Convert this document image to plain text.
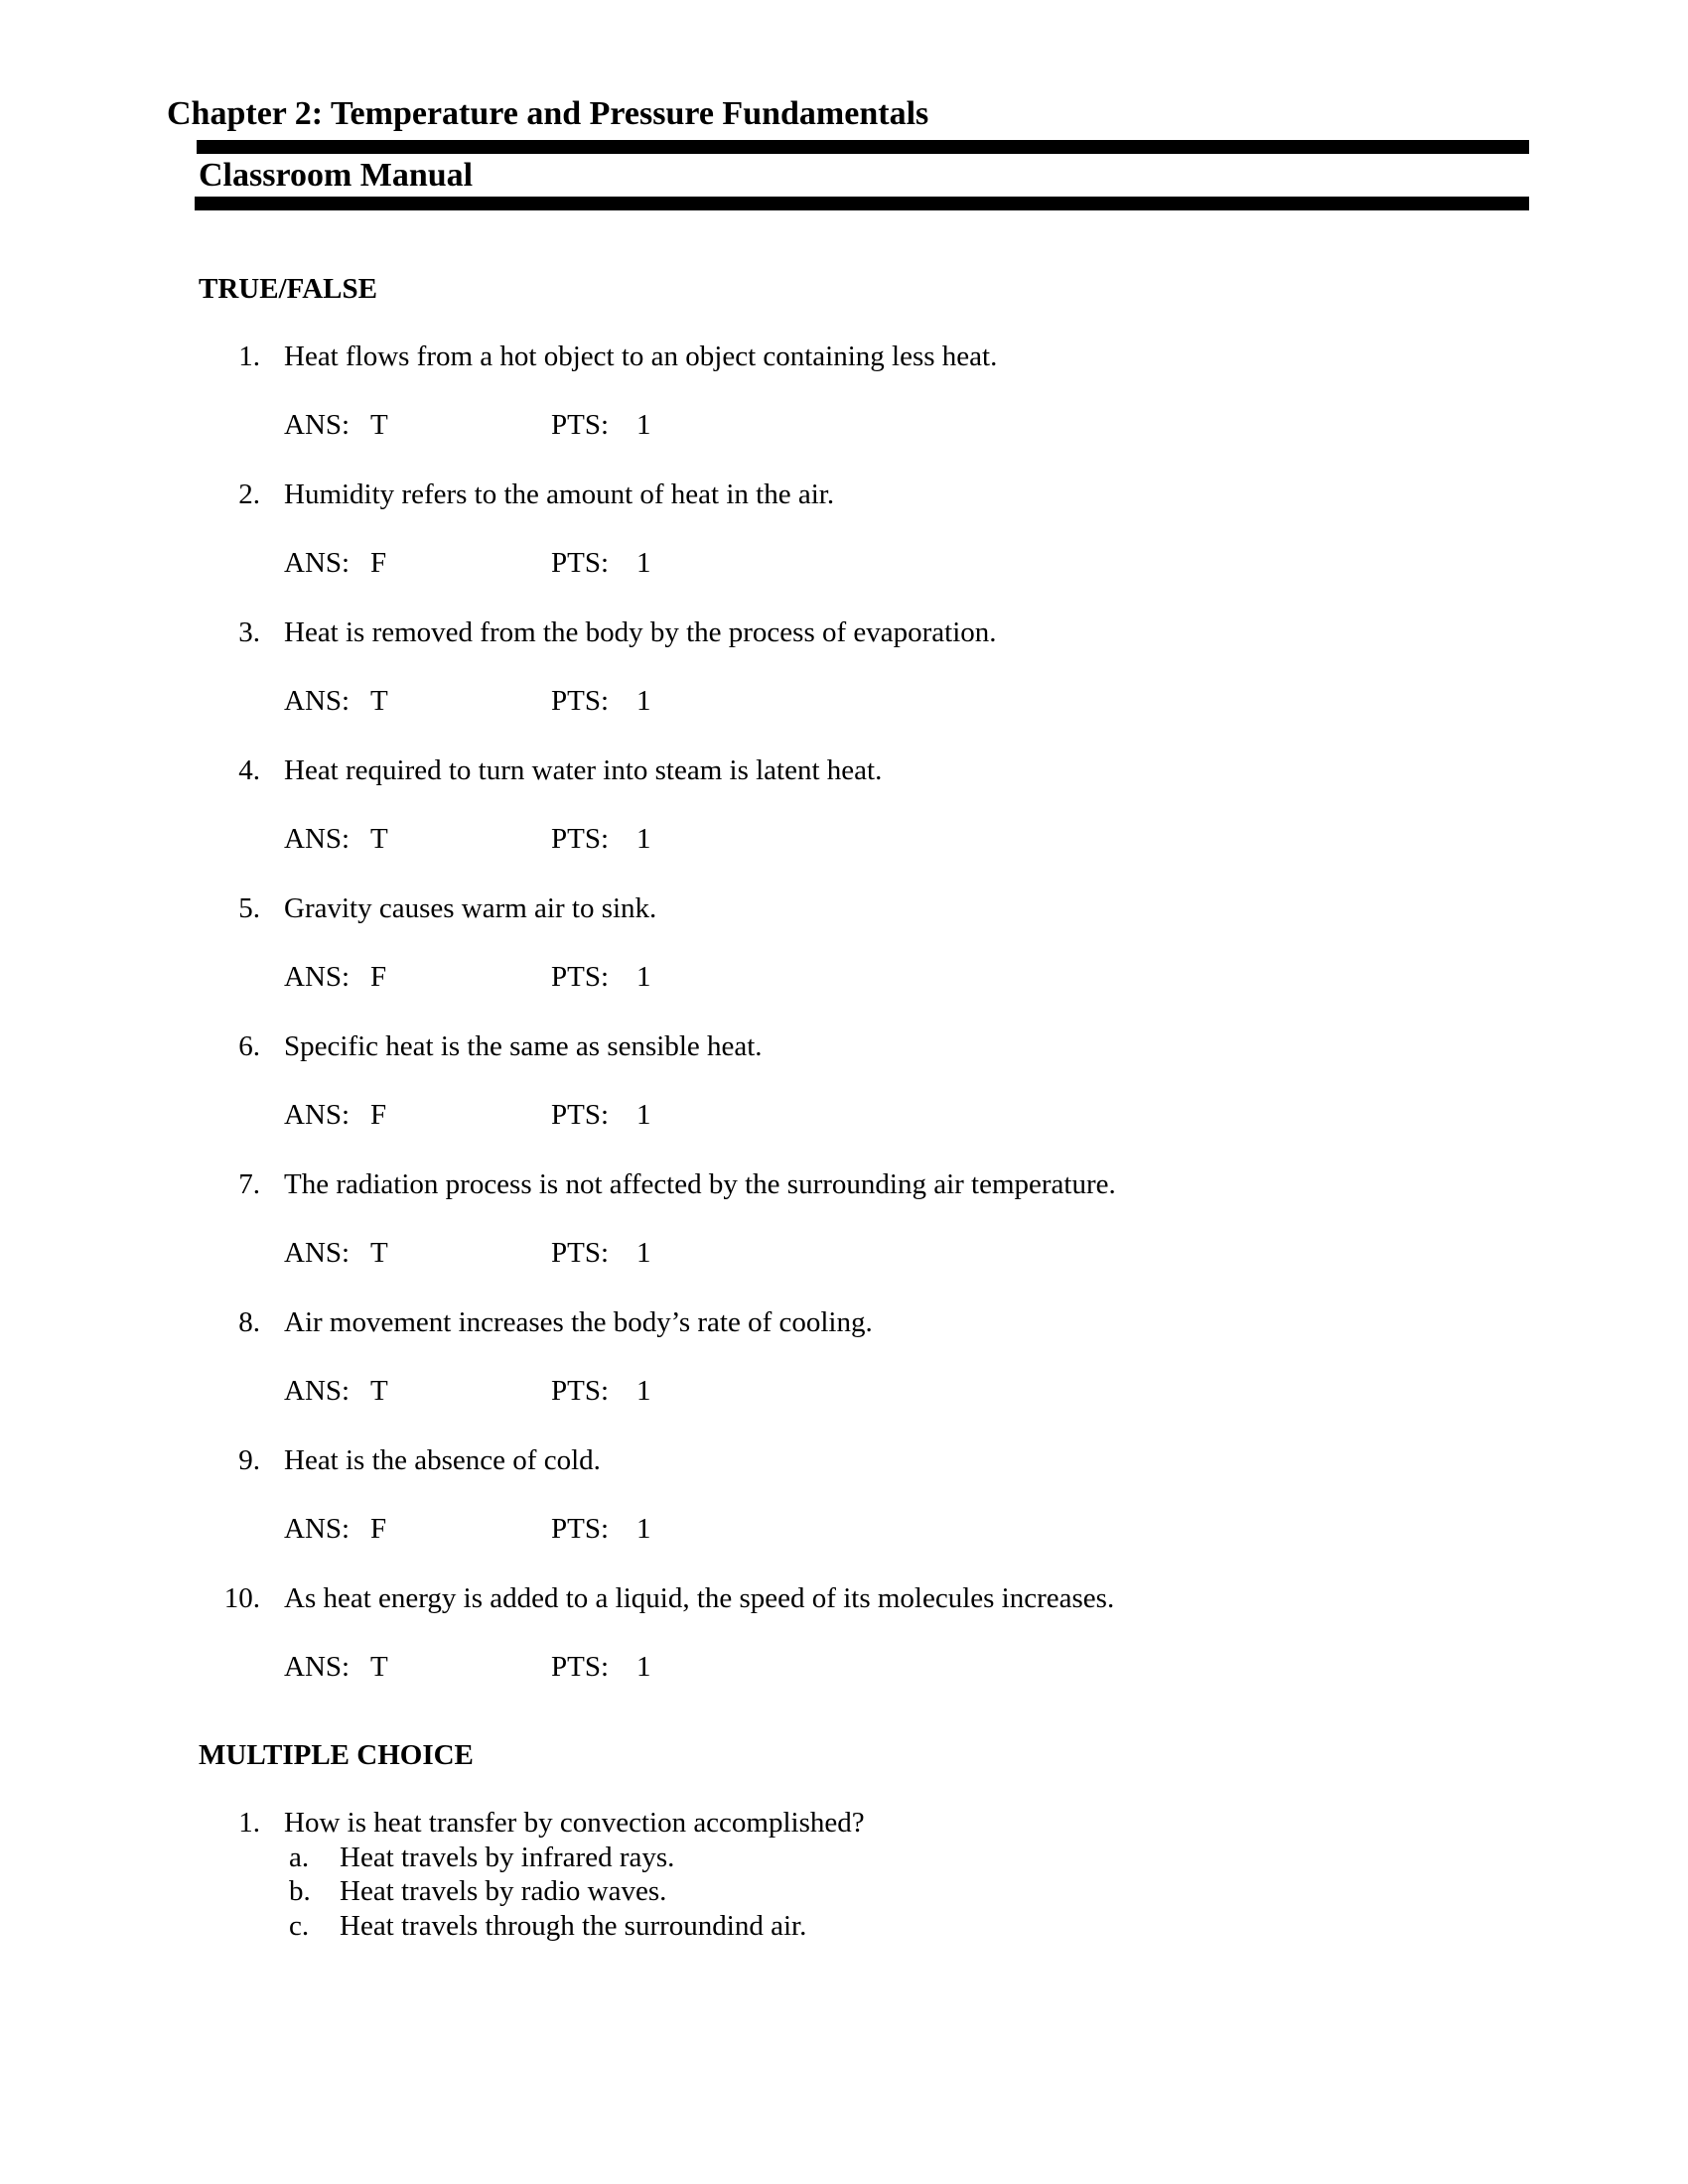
Chapter 2: Temperature and Pressure Fundamentals
Classroom Manual
TRUE/FALSE
1. Heat flows from a hot object to an object containing less heat.
ANS: T	PTS: 1
2. Humidity refers to the amount of heat in the air.
ANS: F	PTS: 1
3. Heat is removed from the body by the process of evaporation.
ANS: T	PTS: 1
4. Heat required to turn water into steam is latent heat.
ANS: T	PTS: 1
5. Gravity causes warm air to sink.
ANS: F	PTS: 1
6. Specific heat is the same as sensible heat.
ANS: F	PTS: 1
7. The radiation process is not affected by the surrounding air temperature.
ANS: T	PTS: 1
8. Air movement increases the body’s rate of cooling.
ANS: T	PTS: 1
9. Heat is the absence of cold.
ANS: F	PTS: 1
10. As heat energy is added to a liquid, the speed of its molecules increases.
ANS: T	PTS: 1
MULTIPLE CHOICE
1. How is heat transfer by convection accomplished?
a. Heat travels by infrared rays.
b. Heat travels by radio waves.
c. Heat travels through the surroundind air.
